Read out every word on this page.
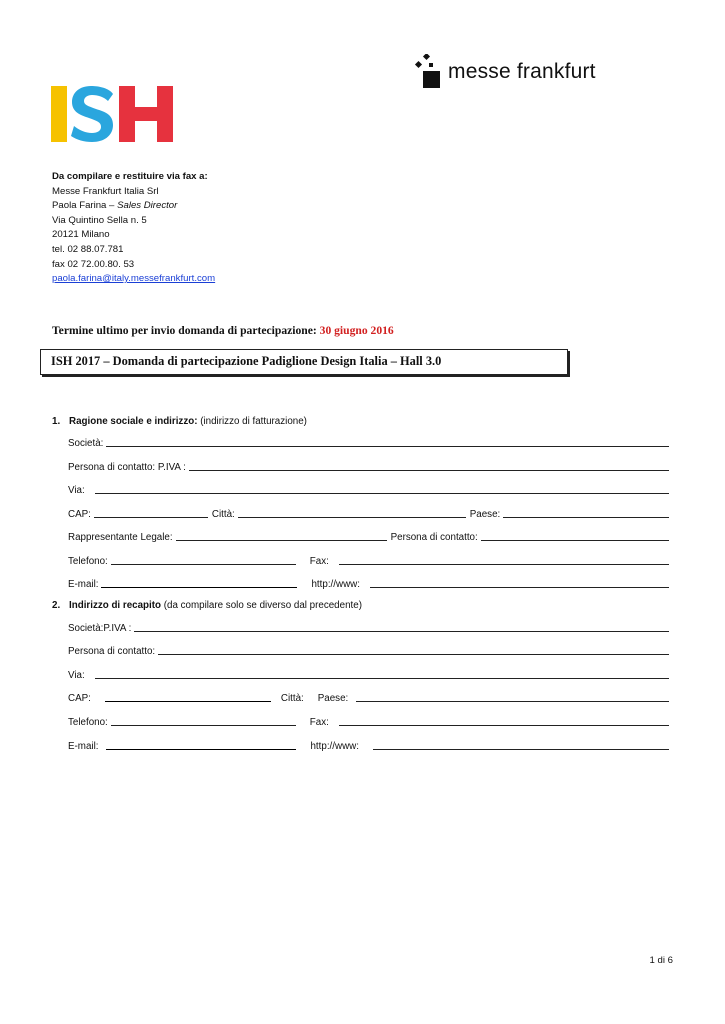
messe frankfurt
Da compilare e restituire via fax a:
Messe Frankfurt Italia Srl
Paola Farina – Sales Director
Via Quintino Sella n. 5
20121 Milano
tel. 02 88.07.781
fax 02 72.00.80. 53
paola.farina@italy.messefrankfurt.com
Termine ultimo per invio domanda di partecipazione: 30 giugno 2016
ISH 2017 – Domanda di partecipazione Padiglione Design Italia – Hall 3.0
1. Ragione sociale e indirizzo: (indirizzo di fatturazione)
Società:
Persona di contatto: P.IVA :
Via:
CAP:	Città:	Paese:
Rappresentante Legale:	Persona di contatto:
Telefono:	Fax:
E-mail:	http://www:
2. Indirizzo di recapito (da compilare solo se diverso dal precedente)
Società:P.IVA :
Persona di contatto:
Via:
CAP:	Città:	Paese:
Telefono:	Fax:
E-mail:	http://www:
1 di 6
